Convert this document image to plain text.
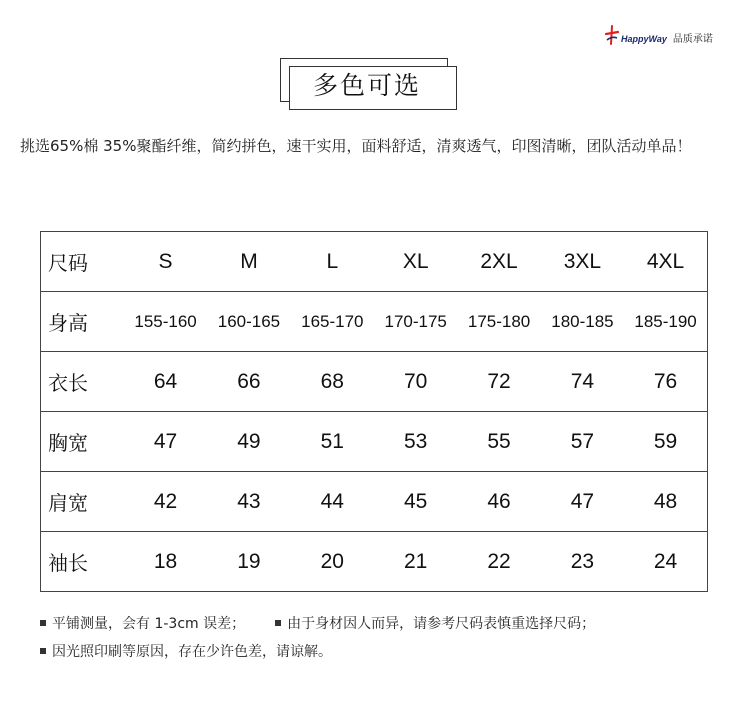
HappyWay 品质承诺
多色可选
挑选65%棉 35%聚酯纤维，简约拼色，速干实用，面料舒适，清爽透气，印图清晰，团队活动单品！
尺码	S	M	L	XL	2XL	3XL	4XL
身高	155-160	160-165	165-170	170-175	175-180	180-185	185-190
衣长	64	66	68	70	72	74	76
胸宽	47	49	51	53	55	57	59
肩宽	42	43	44	45	46	47	48
袖长	18	19	20	21	22	23	24
平铺测量，会有 1-3cm 误差；	由于身材因人而异，请参考尺码表慎重选择尺码；
因光照印刷等原因，存在少许色差，请谅解。
